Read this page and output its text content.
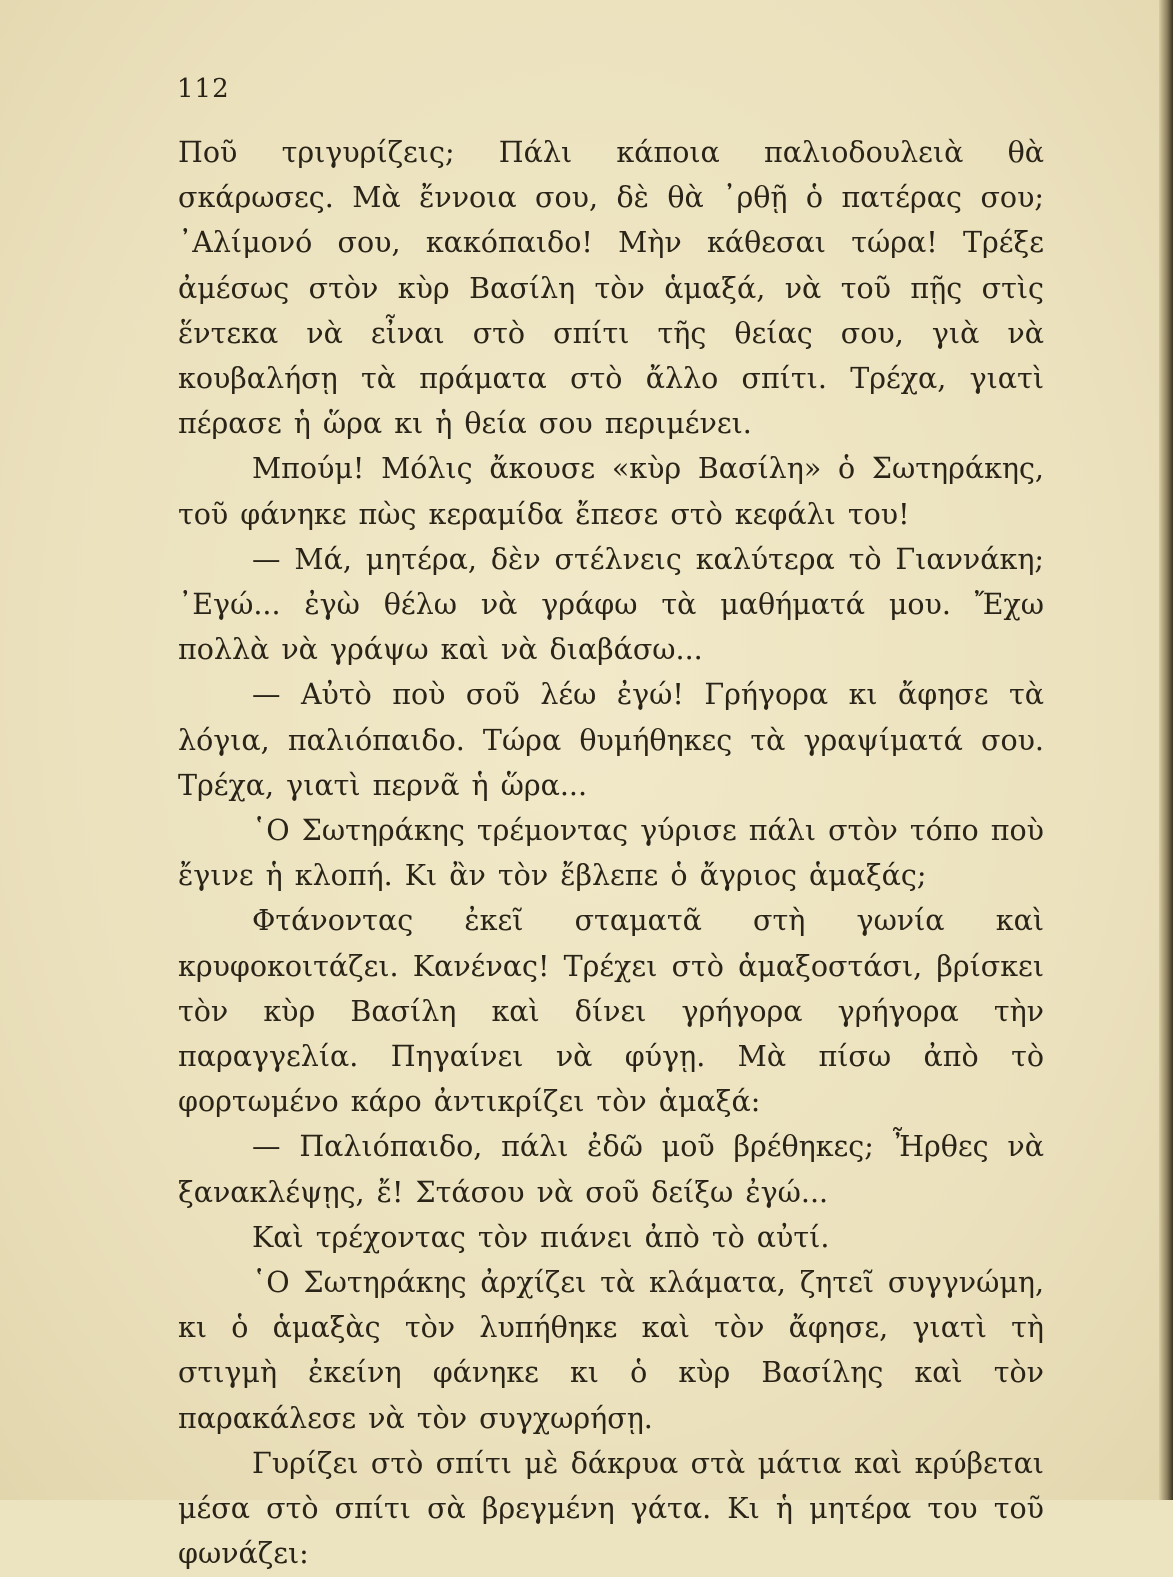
112

Ποῦ τριγυρίζεις; Πάλι κάποια παλιοδουλειὰ θὰ σκάρωσες. Μὰ ἔννοια σου, δὲ θὰ ᾿ρθῇ ὁ πατέρας σου; ᾿Αλίμονό σου, κακόπαιδο! Μὴν κάθεσαι τώρα! Τρέξε ἀμέσως στὸν κὺρ Βασίλη τὸν ἁμαξά, νὰ τοῦ πῇς στὶς ἕντεκα νὰ εἶναι στὸ σπίτι τῆς θείας σου, γιὰ νὰ κουβαλήσῃ τὰ πράματα στὸ ἄλλο σπίτι. Τρέχα, γιατὶ πέρασε ἡ ὥρα κι ἡ θεία σου περιμένει.

Μπούμ! Μόλις ἄκουσε «κὺρ Βασίλη» ὁ Σωτηράκης, τοῦ φάνηκε πὼς κεραμίδα ἔπεσε στὸ κεφάλι του!

— Μά, μητέρα, δὲν στέλνεις καλύτερα τὸ Γιαννάκη; ᾿Εγώ... ἐγὼ θέλω νὰ γράφω τὰ μαθήματά μου. Ἔχω πολλὰ νὰ γράψω καὶ νὰ διαβάσω...

— Αὐτὸ ποὺ σοῦ λέω ἐγώ! Γρήγορα κι ἄφησε τὰ λόγια, παλιόπαιδο. Τώρα θυμήθηκες τὰ γραψίματά σου. Τρέχα, γιατὶ περνᾶ ἡ ὥρα...

῾Ο Σωτηράκης τρέμοντας γύρισε πάλι στὸν τόπο ποὺ ἔγινε ἡ κλοπή. Κι ἂν τὸν ἔβλεπε ὁ ἄγριος ἁμαξάς;

Φτάνοντας ἐκεῖ σταματᾶ στὴ γωνία καὶ κρυφοκοιτάζει. Κανένας! Τρέχει στὸ ἁμαξοστάσι, βρίσκει τὸν κὺρ Βασίλη καὶ δίνει γρήγορα γρήγορα τὴν παραγγελία. Πηγαίνει νὰ φύγῃ. Μὰ πίσω ἀπὸ τὸ φορτωμένο κάρο ἀντικρίζει τὸν ἁμαξά:

— Παλιόπαιδο, πάλι ἐδῶ μοῦ βρέθηκες; Ἦρθες νὰ ξανακλέψῃς, ἔ! Στάσου νὰ σοῦ δείξω ἐγώ...

Καὶ τρέχοντας τὸν πιάνει ἀπὸ τὸ αὐτί.

῾Ο Σωτηράκης ἀρχίζει τὰ κλάματα, ζητεῖ συγγνώμη, κι ὁ ἁμαξὰς τὸν λυπήθηκε καὶ τὸν ἄφησε, γιατὶ τὴ στιγμὴ ἐκείνη φάνηκε κι ὁ κὺρ Βασίλης καὶ τὸν παρακάλεσε νὰ τὸν συγχωρήσῃ.

Γυρίζει στὸ σπίτι μὲ δάκρυα στὰ μάτια καὶ κρύβεται μέσα στὸ σπίτι σὰ βρεγμένη γάτα. Κι ἡ μητέρα του τοῦ φωνάζει:
